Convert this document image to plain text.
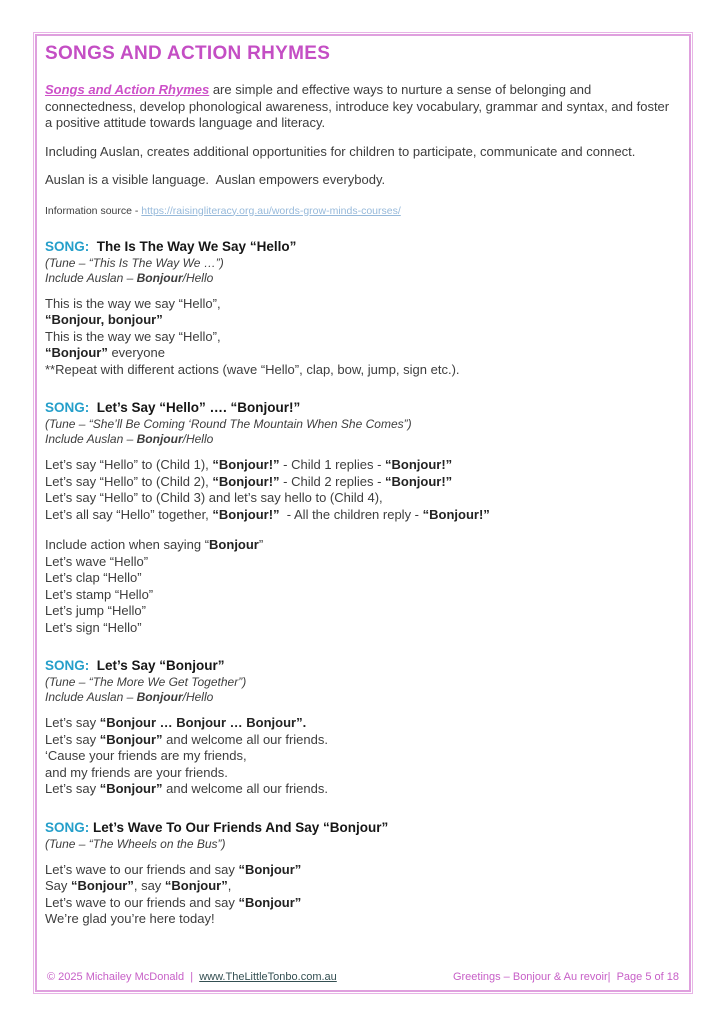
SONGS AND ACTION RHYMES

Songs and Action Rhymes are simple and effective ways to nurture a sense of belonging and connectedness, develop phonological awareness, introduce key vocabulary, grammar and syntax, and foster a positive attitude towards language and literacy.

Including Auslan, creates additional opportunities for children to participate, communicate and connect.

Auslan is a visible language.  Auslan empowers everybody.

Information source - https://raisingliteracy.org.au/words-grow-minds-courses/

SONG:  The Is The Way We Say “Hello”

(Tune – “This Is The Way We …”)

Include Auslan – Bonjour/Hello

This is the way we say “Hello”,
“Bonjour, bonjour”
This is the way we say “Hello”,
“Bonjour” everyone
**Repeat with different actions (wave “Hello”, clap, bow, jump, sign etc.).
SONG:  Let’s Say “Hello” …. “Bonjour!”

(Tune – “She’ll Be Coming ‘Round The Mountain When She Comes”)

Include Auslan – Bonjour/Hello

Let’s say “Hello” to (Child 1), “Bonjour!” - Child 1 replies - “Bonjour!”
Let’s say “Hello” to (Child 2), “Bonjour!” - Child 2 replies - “Bonjour!”
Let’s say “Hello” to (Child 3) and let’s say hello to (Child 4),
Let’s all say “Hello” together, “Bonjour!”  - All the children reply - “Bonjour!”
Include action when saying “Bonjour”
Let’s wave “Hello”
Let’s clap “Hello”
Let’s stamp “Hello”
Let’s jump “Hello”
Let’s sign “Hello”
SONG:  Let’s Say “Bonjour”

(Tune – “The More We Get Together”)

Include Auslan – Bonjour/Hello

Let’s say “Bonjour … Bonjour … Bonjour”.
Let’s say “Bonjour” and welcome all our friends.
‘Cause your friends are my friends,
and my friends are your friends.
Let’s say “Bonjour” and welcome all our friends.
SONG: Let’s Wave To Our Friends And Say “Bonjour”

(Tune – “The Wheels on the Bus”)

Let’s wave to our friends and say “Bonjour”
Say “Bonjour”, say “Bonjour”,
Let’s wave to our friends and say “Bonjour”
We’re glad you’re here today!
© 2025 Michailey McDonald  |  www.TheLittleTonbo.com.au	Greetings – Bonjour & Au revoir|  Page 5 of 18
